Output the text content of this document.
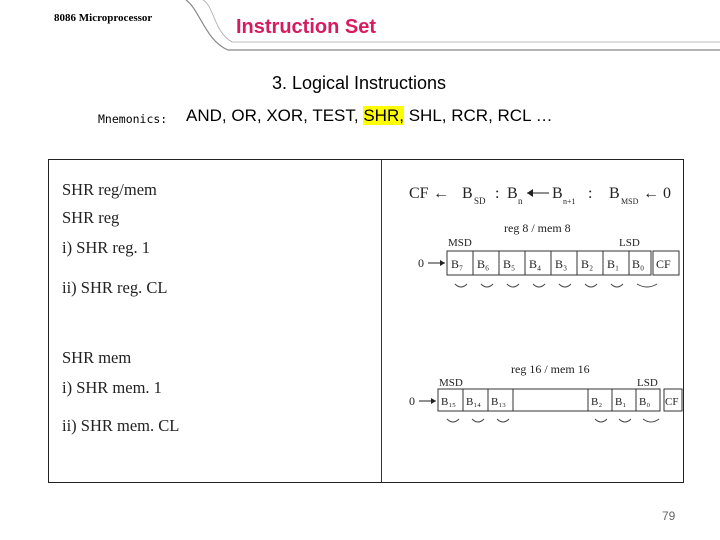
8086 Microprocessor	Instruction Set
3. Logical Instructions
Mnemonics: AND, OR, XOR, TEST, SHR, SHL, RCR, RCL …
SHR reg/mem
SHR reg
i) SHR reg. 1
ii) SHR reg. CL
SHR mem
i) SHR mem. 1
ii) SHR mem. CL
CF ← B SD : B n B n+1 : B MSD ← 0
reg 8 / mem 8
MSD	LSD
0 B₇ B₆ B₅ B₄ B₃ B₂ B₁ B₀ CF
reg 16 / mem 16
MSD	LSD
0 B₁₅ B₁₄ B₁₃	B₂ B₁ B₀ CF
79
